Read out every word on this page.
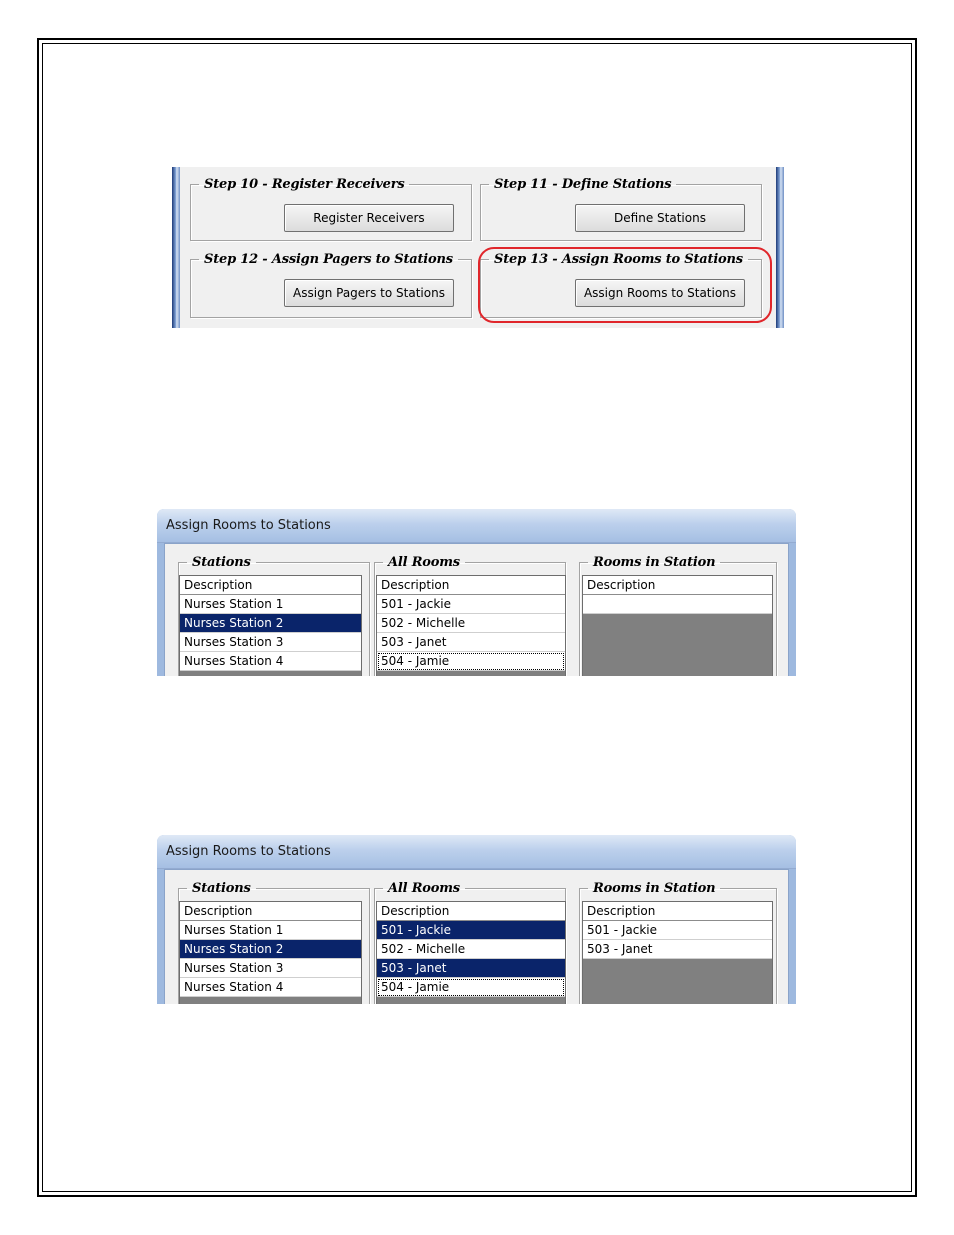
Step 10 - Register Receivers
Register Receivers
Step 11 - Define Stations
Define Stations
Step 12 - Assign Pagers to Stations
Assign Pagers to Stations
Step 13 - Assign Rooms to Stations
Assign Rooms to Stations
Assign Rooms to Stations
Stations
Description
Nurses Station 1
Nurses Station 2
Nurses Station 3
Nurses Station 4
All Rooms
Description
501 - Jackie
502 - Michelle
503 - Janet
504 - Jamie
Rooms in Station
Description
Assign Rooms to Stations
Stations
Description
Nurses Station 1
Nurses Station 2
Nurses Station 3
Nurses Station 4
All Rooms
Description
501 - Jackie
502 - Michelle
503 - Janet
504 - Jamie
Rooms in Station
Description
501 - Jackie
503 - Janet
